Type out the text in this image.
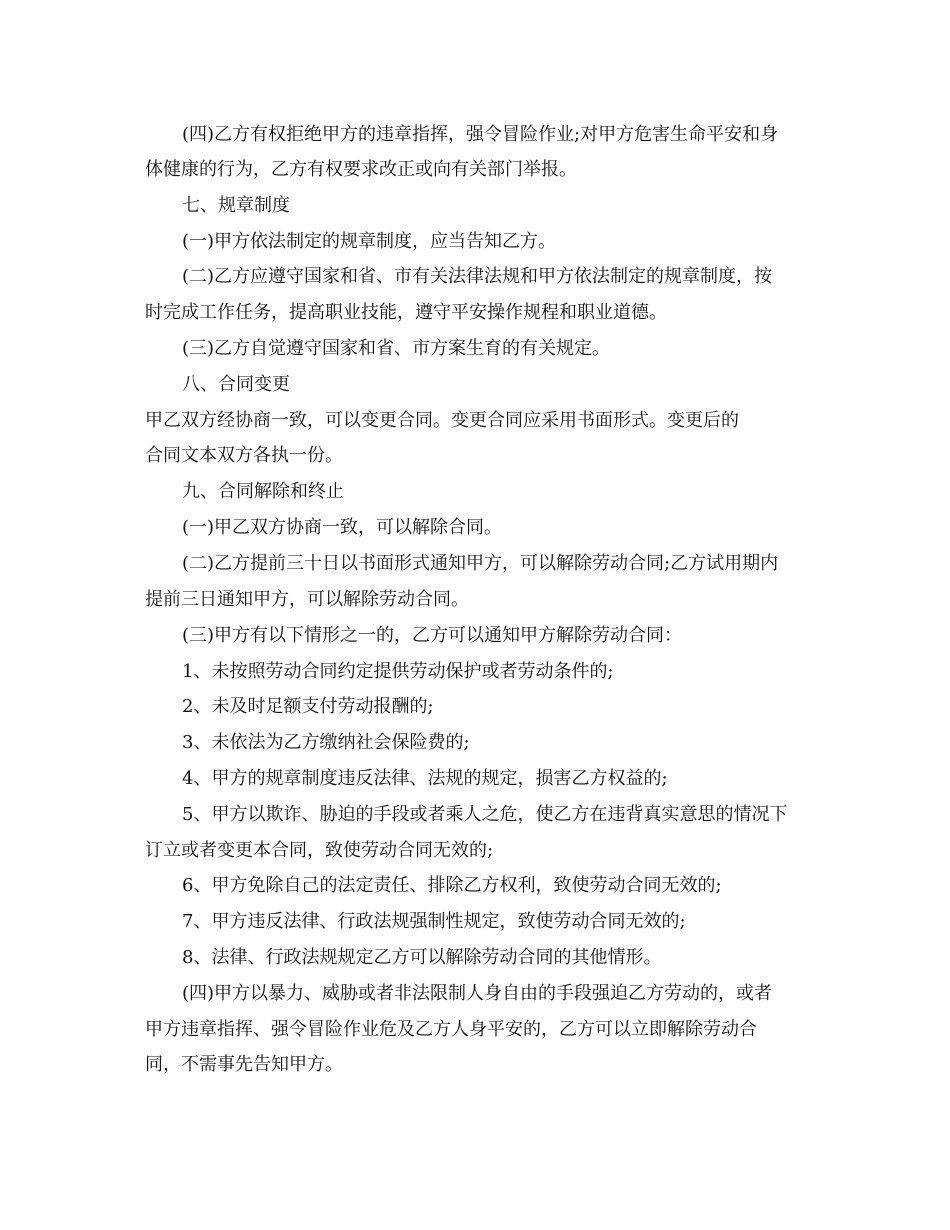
(四)乙方有权拒绝甲方的违章指挥，强令冒险作业;对甲方危害生命平安和身
体健康的行为，乙方有权要求改正或向有关部门举报。
七、规章制度
(一)甲方依法制定的规章制度，应当告知乙方。
(二)乙方应遵守国家和省、市有关法律法规和甲方依法制定的规章制度，按
时完成工作任务，提高职业技能，遵守平安操作规程和职业道德。
(三)乙方自觉遵守国家和省、市方案生育的有关规定。
八、合同变更
甲乙双方经协商一致，可以变更合同。变更合同应采用书面形式。变更后的
合同文本双方各执一份。
九、合同解除和终止
(一)甲乙双方协商一致，可以解除合同。
(二)乙方提前三十日以书面形式通知甲方，可以解除劳动合同;乙方试用期内
提前三日通知甲方，可以解除劳动合同。
(三)甲方有以下情形之一的，乙方可以通知甲方解除劳动合同：
1、未按照劳动合同约定提供劳动保护或者劳动条件的;
2、未及时足额支付劳动报酬的;
3、未依法为乙方缴纳社会保险费的;
4、甲方的规章制度违反法律、法规的规定，损害乙方权益的;
5、甲方以欺诈、胁迫的手段或者乘人之危，使乙方在违背真实意思的情况下
订立或者变更本合同，致使劳动合同无效的;
6、甲方免除自己的法定责任、排除乙方权利，致使劳动合同无效的;
7、甲方违反法律、行政法规强制性规定，致使劳动合同无效的;
8、法律、行政法规规定乙方可以解除劳动合同的其他情形。
(四)甲方以暴力、威胁或者非法限制人身自由的手段强迫乙方劳动的，或者
甲方违章指挥、强令冒险作业危及乙方人身平安的，乙方可以立即解除劳动合
同，不需事先告知甲方。
